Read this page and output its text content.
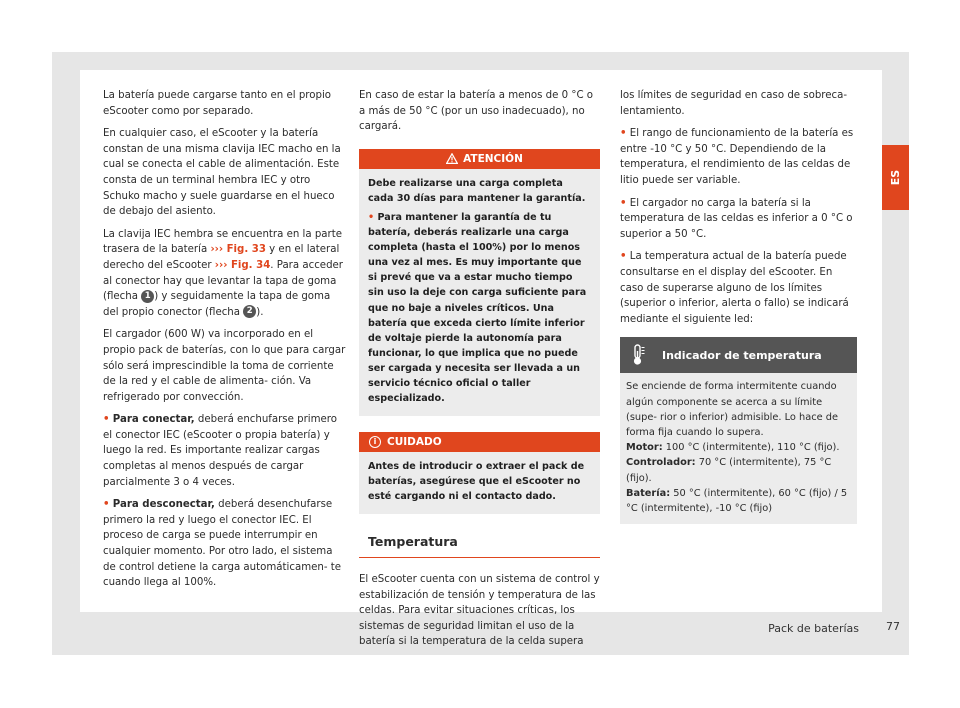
ES

La batería puede cargarse tanto en el propio eScooter como por separado.

En cualquier caso, el eScooter y la batería constan de una misma clavija IEC macho en la cual se conecta el cable de alimentación. Este consta de un terminal hembra IEC y otro Schuko macho y suele guardarse en el hueco de debajo del asiento.

La clavija IEC hembra se encuentra en la parte trasera de la batería ››› Fig. 33 y en el lateral derecho del eScooter ››› Fig. 34. Para acceder al conector hay que levantar la tapa de goma (flecha 1 ) y seguidamente la tapa de goma del propio conector (flecha 2 ).

El cargador (600 W) va incorporado en el propio pack de baterías, con lo que para cargar sólo será imprescindible la toma de corriente de la red y el cable de alimenta- ción. Va refrigerado por convección.

• Para conectar, deberá enchufarse primero el conector IEC (eScooter o propia batería) y luego la red. Es importante realizar cargas completas al menos después de cargar parcialmente 3 o 4 veces.

• Para desconectar, deberá desenchufarse primero la red y luego el conector IEC. El proceso de carga se puede interrumpir en cualquier momento. Por otro lado, el sistema de control detiene la carga automáticamen- te cuando llega al 100%.

En caso de estar la batería a menos de 0 °C o a más de 50 °C (por un uso inadecuado), no cargará.

ATENCIÓN

Debe realizarse una carga completa cada 30 días para mantener la garantía.

• Para mantener la garantía de tu batería, deberás realizarle una carga completa (hasta el 100%) por lo menos una vez al mes. Es muy importante que si prevé que va a estar mucho tiempo sin uso la deje con carga suficiente para que no baje a niveles críticos. Una batería que exceda cierto límite inferior de voltaje pierde la autonomía para funcionar, lo que implica que no puede ser cargada y necesita ser llevada a un servicio técnico oficial o taller especializado.

i	CUIDADO

Antes de introducir o extraer el pack de baterías, asegúrese que el eScooter no esté cargando ni el contacto dado.

Temperatura

El eScooter cuenta con un sistema de control y estabilización de tensión y temperatura de las celdas. Para evitar situaciones críticas, los sistemas de seguridad limitan el uso de la batería si la temperatura de la celda supera

los límites de seguridad en caso de sobreca- lentamiento.

• El rango de funcionamiento de la batería es entre -10 °C y 50 °C. Dependiendo de la temperatura, el rendimiento de las celdas de litio puede ser variable.

• El cargador no carga la batería si la temperatura de las celdas es inferior a 0 °C o superior a 50 °C.

• La temperatura actual de la batería puede consultarse en el display del eScooter. En caso de superarse alguno de los límites (superior o inferior, alerta o fallo) se indicará mediante el siguiente led:

Indicador de temperatura
Se enciende de forma intermitente cuando algún componente se acerca a su límite (supe- rior o inferior) admisible. Lo hace de forma fija cuando lo supera.
Motor: 100 °C (intermitente), 110 °C (fijo).
Controlador: 70 °C (intermitente), 75 °C (fijo).
Batería: 50 °C (intermitente), 60 °C (fijo) / 5 °C (intermitente), -10 °C (fijo)
Pack de baterías 77
